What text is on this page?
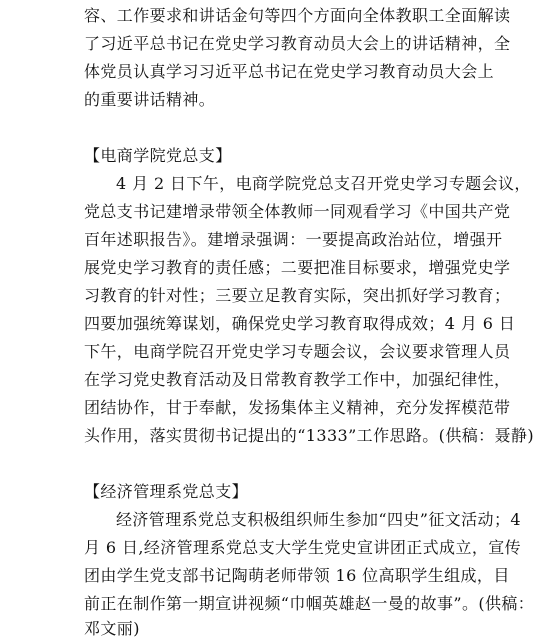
容、工作要求和讲话金句等四个方面向全体教职工全面解读
了习近平总书记在党史学习教育动员大会上的讲话精神，全
体党员认真学习习近平总书记在党史学习教育动员大会上
的重要讲话精神。
【电商学院党总支】
4 月 2 日下午，电商学院党总支召开党史学习专题会议，
党总支书记建增录带领全体教师一同观看学习《中国共产党
百年述职报告》。建增录强调：一要提高政治站位，增强开
展党史学习教育的责任感；二要把准目标要求，增强党史学
习教育的针对性；三要立足教育实际，突出抓好学习教育；
四要加强统筹谋划，确保党史学习教育取得成效；4 月 6 日
下午，电商学院召开党史学习专题会议，会议要求管理人员
在学习党史教育活动及日常教育教学工作中，加强纪律性，
团结协作，甘于奉献，发扬集体主义精神，充分发挥模范带
头作用，落实贯彻书记提出的“1333”工作思路。(供稿：聂静)
【经济管理系党总支】
经济管理系党总支积极组织师生参加“四史”征文活动；4
月 6 日,经济管理系党总支大学生党史宣讲团正式成立，宣传
团由学生党支部书记陶萌老师带领 16 位高职学生组成，目
前正在制作第一期宣讲视频“巾帼英雄赵一曼的故事”。(供稿：
邓文丽)
